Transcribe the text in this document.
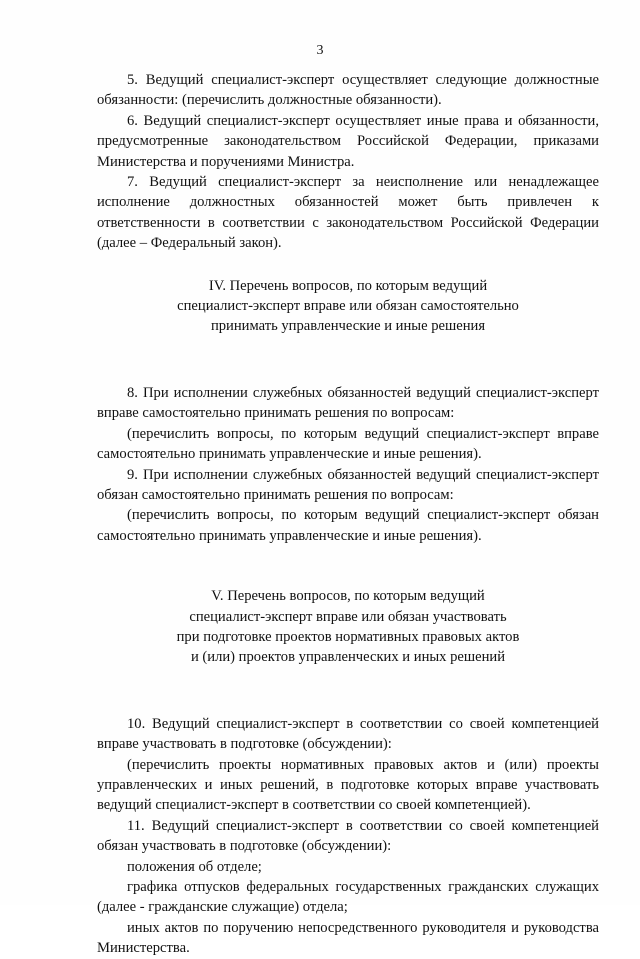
3

5. Ведущий специалист-эксперт осуществляет следующие должностные обязанности: (перечислить должностные обязанности).

6. Ведущий специалист-эксперт осуществляет иные права и обязанности, предусмотренные законодательством Российской Федерации, приказами Министерства и поручениями Министра.

7. Ведущий специалист-эксперт за неисполнение или ненадлежащее исполнение должностных обязанностей может быть привлечен к ответственности в соответствии с законодательством Российской Федерации (далее – Федеральный закон).

IV. Перечень вопросов, по которым ведущий
специалист-эксперт вправе или обязан самостоятельно
принимать управленческие и иные решения

8. При исполнении служебных обязанностей ведущий специалист-эксперт вправе самостоятельно принимать решения по вопросам:

(перечислить вопросы, по которым ведущий специалист-эксперт вправе самостоятельно принимать управленческие и иные решения).

9. При исполнении служебных обязанностей ведущий специалист-эксперт обязан самостоятельно принимать решения по вопросам:

(перечислить вопросы, по которым ведущий специалист-эксперт обязан самостоятельно принимать управленческие и иные решения).

V. Перечень вопросов, по которым ведущий
специалист-эксперт вправе или обязан участвовать
при подготовке проектов нормативных правовых актов
и (или) проектов управленческих и иных решений

10. Ведущий специалист-эксперт в соответствии со своей компетенцией вправе участвовать в подготовке (обсуждении):

(перечислить проекты нормативных правовых актов и (или) проекты управленческих и иных решений, в подготовке которых вправе участвовать ведущий специалист-эксперт в соответствии со своей компетенцией).

11. Ведущий специалист-эксперт в соответствии со своей компетенцией обязан участвовать в подготовке (обсуждении):

положения об отделе;

графика отпусков федеральных государственных гражданских служащих (далее - гражданские служащие) отдела;

иных актов по поручению непосредственного руководителя и руководства Министерства.
